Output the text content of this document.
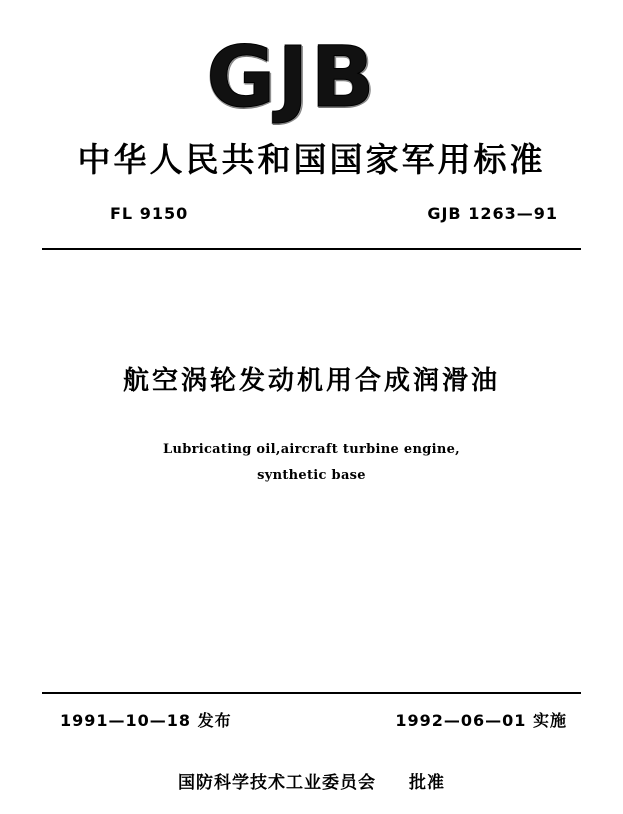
GJB
中华人民共和国国家军用标准
FL 9150	GJB 1263—91
航空涡轮发动机用合成润滑油
Lubricating oil,aircraft turbine engine,
synthetic base
1991—10—18 发布	1992—06—01 实施
国防科学技术工业委员会 批准
